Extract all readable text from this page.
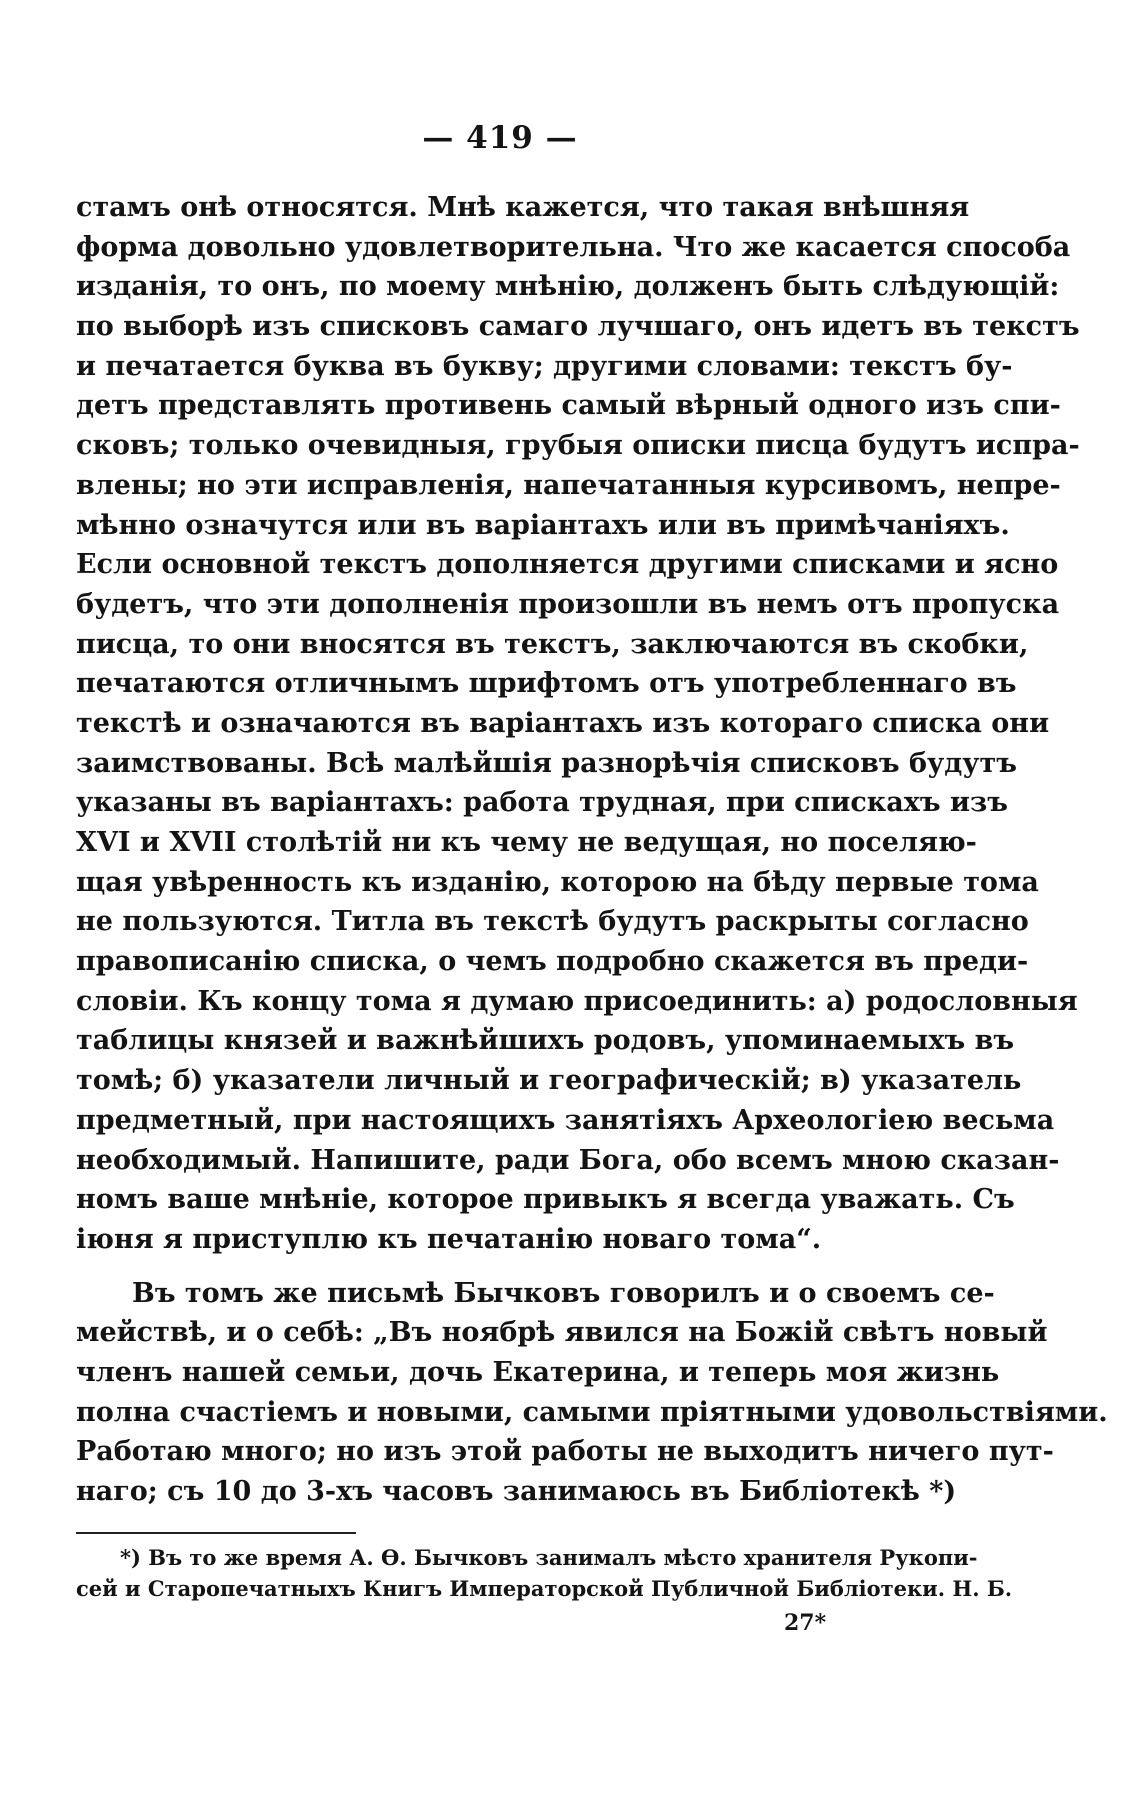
— 419 —
стамъ онѣ относятся. Мнѣ кажется, что такая внѣшняя
форма довольно удовлетворительна. Что же касается способа
изданія, то онъ, по моему мнѣнію, долженъ быть слѣдующій:
по выборѣ изъ списковъ самаго лучшаго, онъ идетъ въ текстъ
и печатается буква въ букву; другими словами: текстъ бу-
детъ представлять противень самый вѣрный одного изъ спи-
сковъ; только очевидныя, грубыя описки писца будутъ испра-
влены; но эти исправленія, напечатанныя курсивомъ, непре-
мѣнно означутся или въ варіантахъ или въ примѣчаніяхъ.
Если основной текстъ дополняется другими списками и ясно
будетъ, что эти дополненія произошли въ немъ отъ пропуска
писца, то они вносятся въ текстъ, заключаются въ скобки,
печатаются отличнымъ шрифтомъ отъ употребленнаго въ
текстѣ и означаются въ варіантахъ изъ котораго списка они
заимствованы. Всѣ малѣйшія разнорѣчія списковъ будутъ
указаны въ варіантахъ: работа трудная, при спискахъ изъ
XVI и XVII столѣтій ни къ чему не ведущая, но поселяю-
щая увѣренность къ изданію, которою на бѣду первые тома
не пользуются. Титла въ текстѣ будутъ раскрыты согласно
правописанію списка, о чемъ подробно скажется въ преди-
словіи. Къ концу тома я думаю присоединить: а) родословныя
таблицы князей и важнѣйшихъ родовъ, упоминаемыхъ въ
томѣ; б) указатели личный и географическій; в) указатель
предметный, при настоящихъ занятіяхъ Археологіею весьма
необходимый. Напишите, ради Бога, обо всемъ мною сказан-
номъ ваше мнѣніе, которое привыкъ я всегда уважать. Съ
іюня я приступлю къ печатанію новаго тома“.
Въ томъ же письмѣ Бычковъ говорилъ и о своемъ се-
мействѣ, и о себѣ: „Въ ноябрѣ явился на Божій свѣтъ новый
членъ нашей семьи, дочь Екатерина, и теперь моя жизнь
полна счастіемъ и новыми, самыми пріятными удовольствіями.
Работаю много; но изъ этой работы не выходитъ ничего пут-
наго; съ 10 до 3-хъ часовъ занимаюсь въ Библіотекѣ *)
*) Въ то же время А. Ѳ. Бычковъ занималъ мѣсто хранителя Рукопи-
сей и Старопечатныхъ Книгъ Императорской Публичной Библіотеки. Н. Б.
27*
